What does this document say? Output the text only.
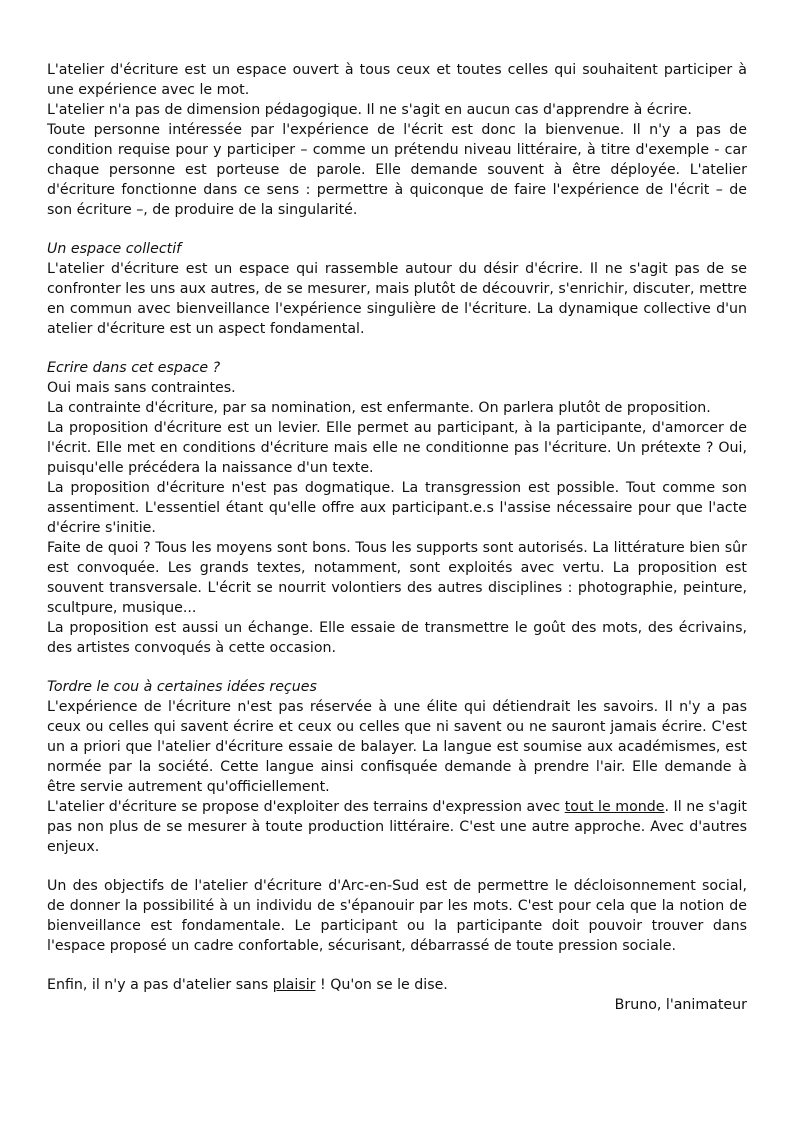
L'atelier d'écriture est un espace ouvert à tous ceux et toutes celles qui souhaitent participer à une expérience avec le mot.

L'atelier n'a pas de dimension pédagogique. Il ne s'agit en aucun cas d'apprendre à écrire.

Toute personne intéressée par l'expérience de l'écrit est donc la bienvenue. Il n'y a pas de condition requise pour y participer – comme un prétendu niveau littéraire, à titre d'exemple - car chaque personne est porteuse de parole. Elle demande souvent à être déployée. L'atelier d'écriture fonctionne dans ce sens : permettre à quiconque de faire l'expérience de l'écrit – de son écriture –, de produire de la singularité.

Un espace collectif

L'atelier d'écriture est un espace qui rassemble autour du désir d'écrire. Il ne s'agit pas de se confronter les uns aux autres, de se mesurer, mais plutôt de découvrir, s'enrichir, discuter, mettre en commun avec bienveillance l'expérience singulière de l'écriture. La dynamique collective d'un atelier d'écriture est un aspect fondamental.

Ecrire dans cet espace ?

Oui mais sans contraintes.

La contrainte d'écriture, par sa nomination, est enfermante. On parlera plutôt de proposition.

La proposition d'écriture est un levier. Elle permet au participant, à la participante, d'amorcer de l'écrit. Elle met en conditions d'écriture mais elle ne conditionne pas l'écriture. Un prétexte ? Oui, puisqu'elle précédera la naissance d'un texte.

La proposition d'écriture n'est pas dogmatique. La transgression est possible. Tout comme son assentiment. L'essentiel étant qu'elle offre aux participant.e.s l'assise nécessaire pour que l'acte d'écrire s'initie.

Faite de quoi ? Tous les moyens sont bons. Tous les supports sont autorisés. La littérature bien sûr est convoquée. Les grands textes, notamment, sont exploités avec vertu. La proposition est souvent transversale. L'écrit se nourrit volontiers des autres disciplines : photographie, peinture, scultpure, musique...

La proposition est aussi un échange. Elle essaie de transmettre le goût des mots, des écrivains, des artistes convoqués à cette occasion.

Tordre le cou à certaines idées reçues

L'expérience de l'écriture n'est pas réservée à une élite qui détiendrait les savoirs. Il n'y a pas ceux ou celles qui savent écrire et ceux ou celles que ni savent ou ne sauront jamais écrire. C'est un a priori que l'atelier d'écriture essaie de balayer. La langue est soumise aux académismes, est normée par la société. Cette langue ainsi confisquée demande à prendre l'air. Elle demande à être servie autrement qu'officiellement.

L'atelier d'écriture se propose d'exploiter des terrains d'expression avec tout le monde. Il ne s'agit pas non plus de se mesurer à toute production littéraire. C'est une autre approche. Avec d'autres enjeux.

Un des objectifs de l'atelier d'écriture d'Arc-en-Sud est de permettre le décloisonnement social, de donner la possibilité à un individu de s'épanouir par les mots. C'est pour cela que la notion de bienveillance est fondamentale. Le participant ou la participante doit pouvoir trouver dans l'espace proposé un cadre confortable, sécurisant, débarrassé de toute pression sociale.

Enfin, il n'y a pas d'atelier sans plaisir ! Qu'on se le dise.

Bruno, l'animateur
